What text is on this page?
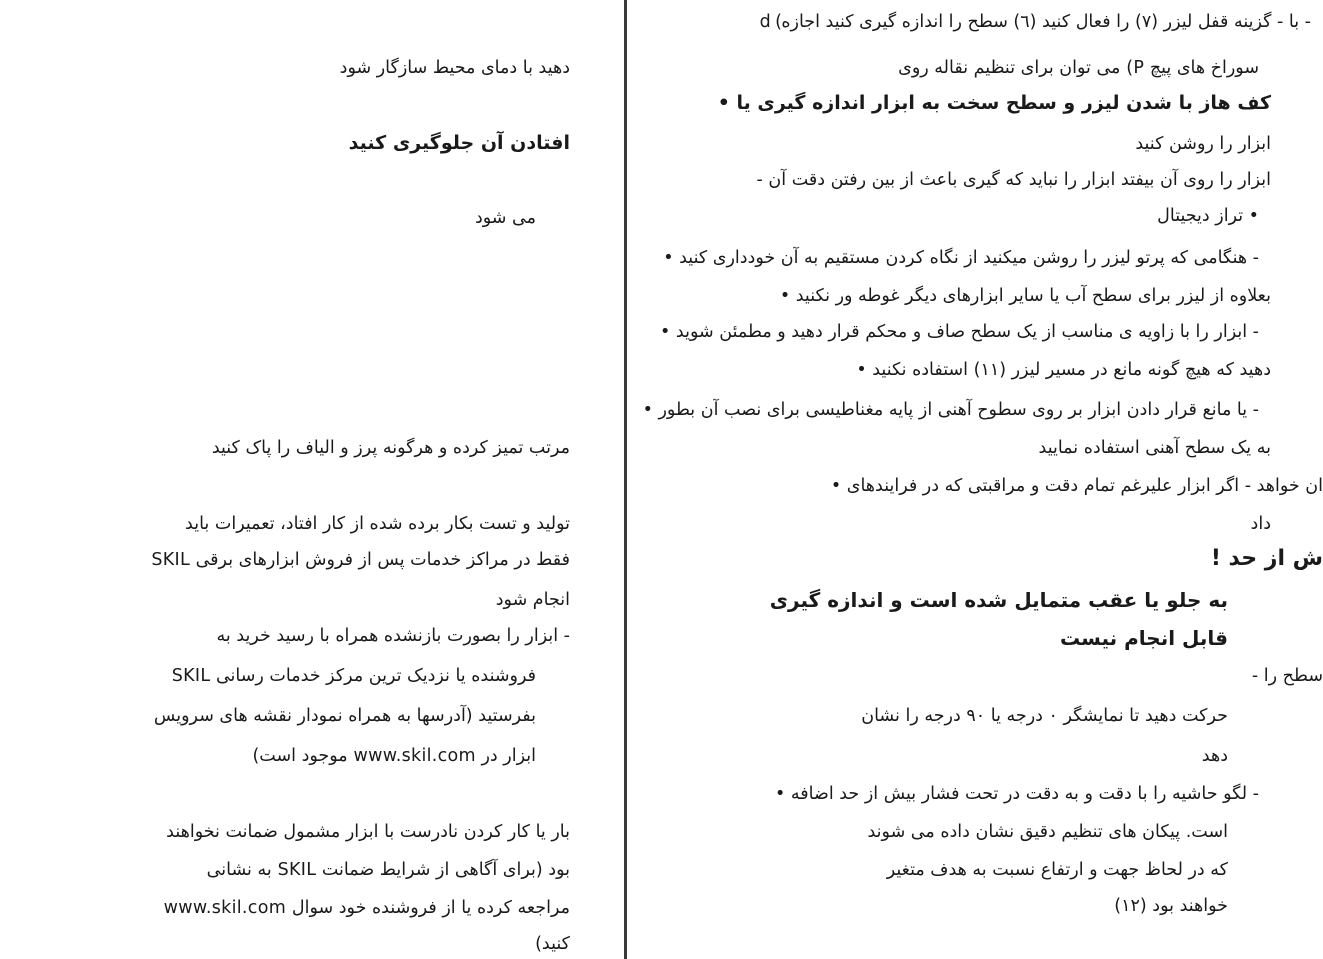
d (با - گزینه قفل لیزر (٧) را فعال کنید (٦) سطح را اندازه گیری کنید اجازه -
سوراخ های پیچ P) می توان برای تنظیم نقاله روی
کف هاز با شدن لیزر و سطح سخت به ابزار اندازه گیری یا •
ابزار را روشن کنید
ابزار را روی آن بیفتد ابزار را نباید که گیری باعث از بین رفتن دقت آن -
• تراز دیجیتال
- هنگامی که پرتو لیزر را روشن میکنید از نگاه کردن مستقیم به آن خودداری کنید •
بعلاوه از لیزر برای سطح آب یا سایر ابزارهای دیگر غوطه ور نکنید •
- ابزار را با زاویه ی مناسب از یک سطح صاف و محکم قرار دهید و مطمئن شوید •
دهید که هیچ گونه مانع در مسیر لیزر (١١) استفاده نکنید •
- یا مانع قرار دادن ابزار بر روی سطوح آهنی از پایه مغناطیسی برای نصب آن بطور •
به یک سطح آهنی استفاده نمایید
ان خواهد - اگر ابزار علیرغم تمام دقت و مراقبتی که در فرایندهای •
داد
ش از حد !
به جلو یا عقب متمایل شده است و اندازه گیری
قابل انجام نیست
سطح را -
حرکت دهید تا نمایشگر ٠ درجه یا ٩٠ درجه را نشان
دهد
- لگو حاشیه را با دقت و به دقت در تحت فشار بیش از حد اضافه •
است. پیکان های تنظیم دقیق نشان داده می شوند
که در لحاظ جهت و ارتفاع نسبت به هدف متغیر
خواهند بود (١٢)
دهید با دمای محیط سازگار شود
افتادن آن جلوگیری کنید
می شود
مرتب تمیز کرده و هرگونه پرز و الیاف را پاک کنید
تولید و تست بکار برده شده از کار افتاد، تعمیرات باید
فقط در مراکز خدمات پس از فروش ابزارهای برقی SKIL
انجام شود
- ابزار را بصورت بازنشده همراه با رسید خرید به
فروشنده یا نزدیک ترین مرکز خدمات رسانی SKIL
بفرستید (آدرسها به همراه نمودار نقشه های سرویس
ابزار در www.skil.com موجود است)
بار یا کار کردن نادرست با ابزار مشمول ضمانت نخواهند
بود (برای آگاهی از شرایط ضمانت SKIL به نشانی
www.skil.com مراجعه کرده یا از فروشنده خود سوال
کنید)
